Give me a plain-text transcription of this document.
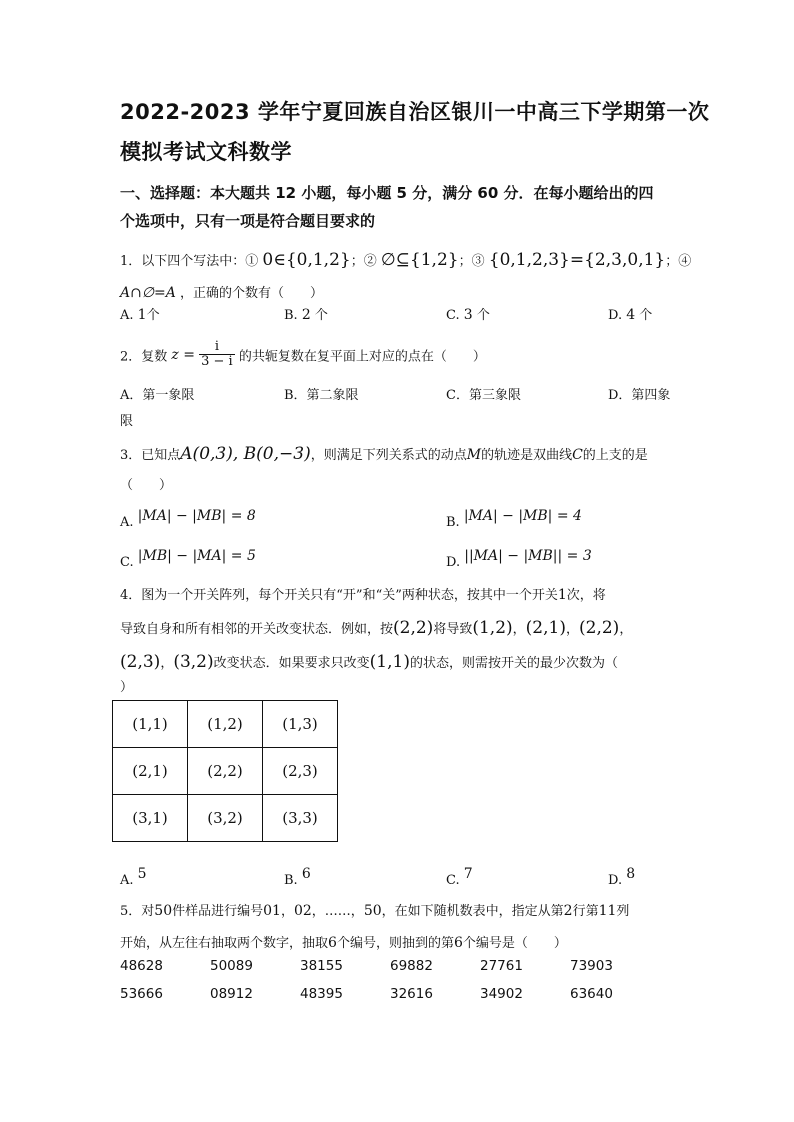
2022-2023 学年宁夏回族自治区银川一中高三下学期第一次
模拟考试文科数学
一、选择题：本大题共 12 小题，每小题 5 分，满分 60 分．在每小题给出的四
个选项中，只有一项是符合题目要求的
1．以下四个写法中：① 0∈{0,1,2}；② ∅⊆{1,2}；③ {0,1,2,3}={2,3,0,1}；④
A∩∅=A ，正确的个数有（　　）
A. 1个	B. 2 个	C. 3 个	D. 4 个
2．复数 $z = \frac{i}{3 - i}$ 的共轭复数在复平面上对应的点在（　　）
A．第一象限	B．第二象限	C．第三象限	D．第四象
限
3．已知点A(0,3), B(0,−3)，则满足下列关系式的动点M的轨迹是双曲线C的上支的是
（　　）
A. |MA| − |MB| = 8	B. |MA| − |MB| = 4
C. |MB| − |MA| = 5	D. ||MA| − |MB|| = 3
4．图为一个开关阵列，每个开关只有“开”和“关”两种状态，按其中一个开关1次，将
导致自身和所有相邻的开关改变状态．例如，按(2,2)将导致(1,2)，(2,1)，(2,2)，
(2,3)，(3,2)改变状态．如果要求只改变(1,1)的状态，则需按开关的最少次数为（
）
(1,1)	(1,2)	(1,3)
(2,1)	(2,2)	(2,3)
(3,1)	(3,2)	(3,3)
A. 5	B. 6	C. 7	D. 8
5．对50件样品进行编号01，02，……，50，在如下随机数表中，指定从第2行第11列
开始，从左往右抽取两个数字，抽取6个编号，则抽到的第6个编号是（　　）
48628	50089	38155	69882	27761	73903
53666	08912	48395	32616	34902	63640
